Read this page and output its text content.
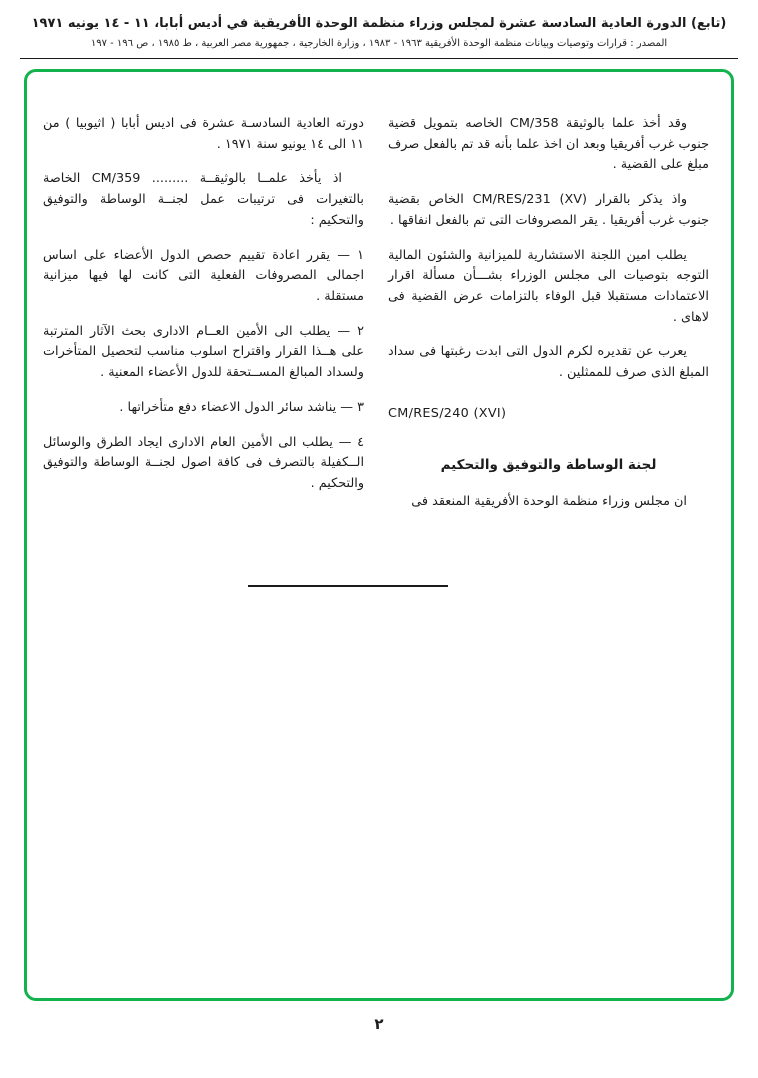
(تابع) الدورة العادية السادسة عشرة لمجلس وزراء منظمة الوحدة الأفريقية في أديس أبابا، ١١ - ١٤ يونيه ١٩٧١
المصدر : قرارات وتوصيات وبيانات منظمة الوحدة الأفريقية ١٩٦٣ - ١٩٨٣ ، وزارة الخارجية ، جمهورية مصر العربية ، ط ١٩٨٥ ، ص ١٩٦ - ١٩٧

وقد أخذ علما بالوثيقة CM/358 الخاصه بتمويل قضية جنوب غرب أفريقيا وبعد ان اخذ علما بأنه قد تم بالفعل صرف مبلغ على القضية .

واذ يذكر بالقرار CM/RES/231 (XV) الخاص بقضية جنوب غرب أفريقيا . يقر المصروفات التى تم بالفعل انفاقها .

يطلب امين اللجنة الاستشارية للميزانية والشئون المالية التوجه بتوصيات الى مجلس الوزراء بشـــأن مسألة اقرار الاعتمادات مستقبلا قبل الوفاء بالتزامات عرض القضية فى لاهاى .

يعرب عن تقديره لكرم الدول التى ابدت رغبتها فى سداد المبلغ الذى صرف للممثلين .

CM/RES/240 (XVI)

لجنة الوساطة والتوفيق والتحكيم

ان مجلس وزراء منظمة الوحدة الأفريقية المنعقد فى

دورته العادية السادسـة عشرة فى اديس أبابا ( اثيوبيا ) من ١١ الى ١٤ يونيو سنة ١٩٧١ .

اذ يأخذ علمــا بالوثيقــة ......... CM/359 الخاصة بالتغيرات فى ترتيبات عمل لجنــة الوساطة والتوفيق والتحكيم :

١ — يقرر اعادة تقييم حصص الدول الأعضاء على اساس اجمالى المصروفات الفعلية التى كانت لها فيها ميزانية مستقلة .

٢ — يطلب الى الأمين العــام الادارى بحث الآثار المترتبة على هــذا القرار واقتراح اسلوب مناسب لتحصيل المتأخرات ولسداد المبالغ المســتحقة للدول الأعضاء المعنية .

٣ — يناشد سائر الدول الاعضاء دفع متأخراتها .

٤ — يطلب الى الأمين العام الادارى ايجاد الطرق والوسائل الــكفيلة بالتصرف فى كافة اصول لجنــة الوساطة والتوفيق والتحكيم .

٢
